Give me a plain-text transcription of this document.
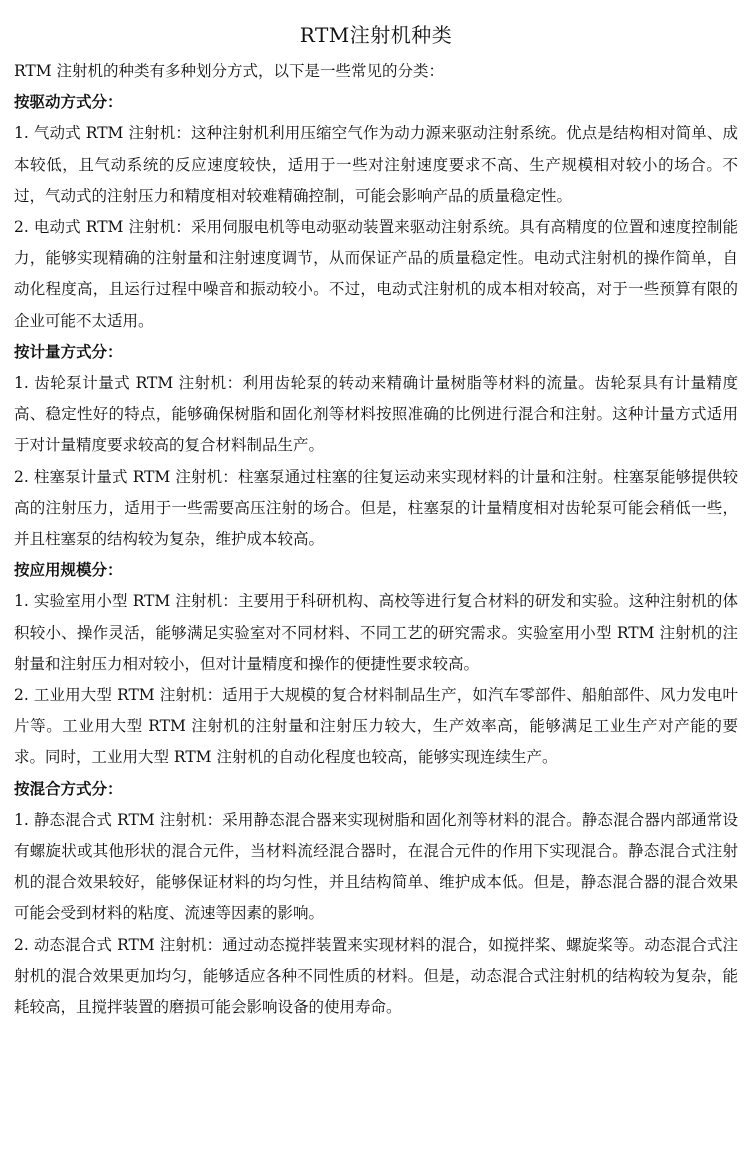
RTM注射机种类

RTM 注射机的种类有多种划分方式，以下是一些常见的分类：

按驱动方式分：

1. 气动式 RTM 注射机：这种注射机利用压缩空气作为动力源来驱动注射系统。优点是结构相对简单、成本较低，且气动系统的反应速度较快，适用于一些对注射速度要求不高、生产规模相对较小的场合。不过，气动式的注射压力和精度相对较难精确控制，可能会影响产品的质量稳定性。

2. 电动式 RTM 注射机：采用伺服电机等电动驱动装置来驱动注射系统。具有高精度的位置和速度控制能力，能够实现精确的注射量和注射速度调节，从而保证产品的质量稳定性。电动式注射机的操作简单，自动化程度高，且运行过程中噪音和振动较小。不过，电动式注射机的成本相对较高，对于一些预算有限的企业可能不太适用。

按计量方式分：

1. 齿轮泵计量式 RTM 注射机：利用齿轮泵的转动来精确计量树脂等材料的流量。齿轮泵具有计量精度高、稳定性好的特点，能够确保树脂和固化剂等材料按照准确的比例进行混合和注射。这种计量方式适用于对计量精度要求较高的复合材料制品生产。

2. 柱塞泵计量式 RTM 注射机：柱塞泵通过柱塞的往复运动来实现材料的计量和注射。柱塞泵能够提供较高的注射压力，适用于一些需要高压注射的场合。但是，柱塞泵的计量精度相对齿轮泵可能会稍低一些，并且柱塞泵的结构较为复杂，维护成本较高。

按应用规模分：

1. 实验室用小型 RTM 注射机：主要用于科研机构、高校等进行复合材料的研发和实验。这种注射机的体积较小、操作灵活，能够满足实验室对不同材料、不同工艺的研究需求。实验室用小型 RTM 注射机的注射量和注射压力相对较小，但对计量精度和操作的便捷性要求较高。

2. 工业用大型 RTM 注射机：适用于大规模的复合材料制品生产，如汽车零部件、船舶部件、风力发电叶片等。工业用大型 RTM 注射机的注射量和注射压力较大，生产效率高，能够满足工业生产对产能的要求。同时，工业用大型 RTM 注射机的自动化程度也较高，能够实现连续生产。

按混合方式分：

1. 静态混合式 RTM 注射机：采用静态混合器来实现树脂和固化剂等材料的混合。静态混合器内部通常设有螺旋状或其他形状的混合元件，当材料流经混合器时，在混合元件的作用下实现混合。静态混合式注射机的混合效果较好，能够保证材料的均匀性，并且结构简单、维护成本低。但是，静态混合器的混合效果可能会受到材料的粘度、流速等因素的影响。

2. 动态混合式 RTM 注射机：通过动态搅拌装置来实现材料的混合，如搅拌桨、螺旋桨等。动态混合式注射机的混合效果更加均匀，能够适应各种不同性质的材料。但是，动态混合式注射机的结构较为复杂，能耗较高，且搅拌装置的磨损可能会影响设备的使用寿命。
